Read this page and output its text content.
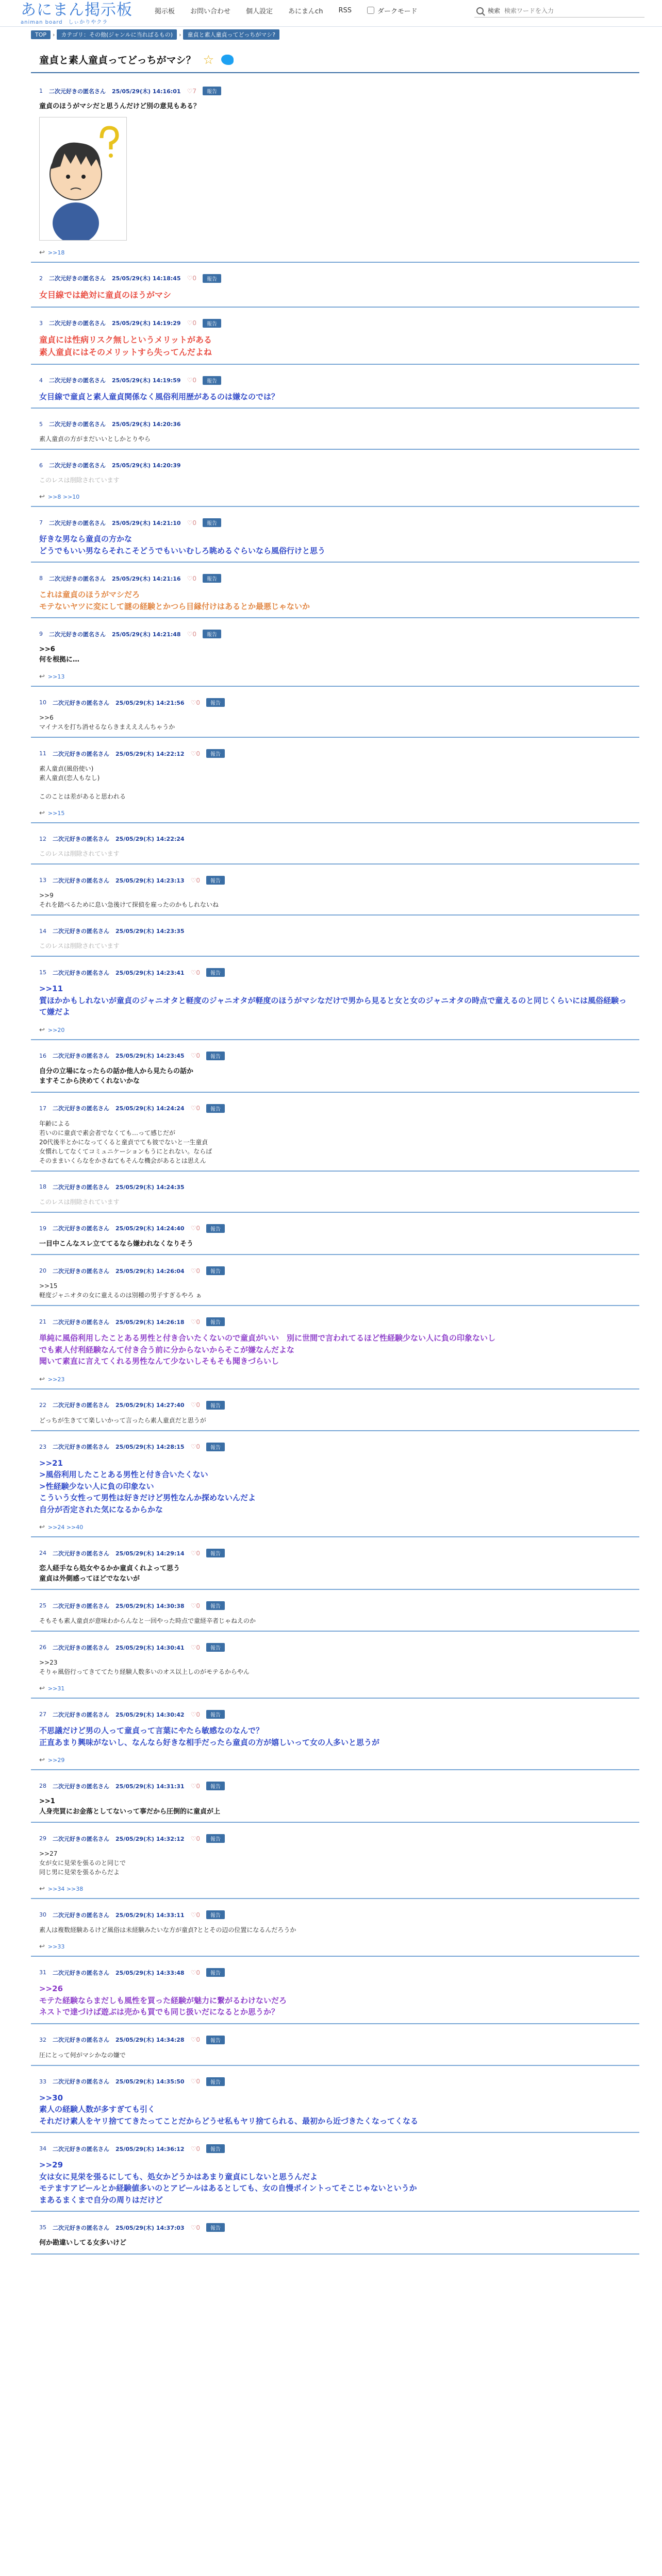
あにまん掲示板
animan board　しぃかりやクラ
掲示板 お問い合わせ 個人設定 あにまんch RSS	ダークモード	検索
検索ワードを入力
TOP	›	カテゴリ：その他(ジャンルに当ればるもの)	›	童貞と素人童貞ってどっちがマシ?
童貞と素人童貞ってどっちがマシ？ ☆
1 二次元好きの匿名さん 25/05/29(木) 14:16:01 ♡7	報告
童貞のほうがマシだと思うんだけど別の意見もある？
↩ >>18
2 二次元好きの匿名さん 25/05/29(木) 14:18:45 ♡0	報告
女目線では絶対に童貞のほうがマシ
3 二次元好きの匿名さん 25/05/29(木) 14:19:29 ♡0	報告
童貞には性病リスク無しというメリットがある
素人童貞にはそのメリットすら失ってんだよね
4 二次元好きの匿名さん 25/05/29(木) 14:19:59 ♡0	報告
女目線で童貞と素人童貞関係なく風俗利用歴があるのは嫌なのでは？
5 二次元好きの匿名さん 25/05/29(木) 14:20:36
素人童貞の方がまだいいとしかとりやら
6 二次元好きの匿名さん 25/05/29(木) 14:20:39
このレスは削除されています
↩ >>8 >>10
7 二次元好きの匿名さん 25/05/29(木) 14:21:10 ♡0	報告
好きな男なら童貞の方かな
どうでもいい男ならそれこそどうでもいいむしろ眺めるぐらいなら風俗行けと思う
8 二次元好きの匿名さん 25/05/29(木) 14:21:16 ♡0	報告
これは童貞のほうがマシだろ
モテないヤツに変にして謎の経験とかつら目縁付けはあるとか最悪じゃないか
9 二次元好きの匿名さん 25/05/29(木) 14:21:48 ♡0	報告
>>6
何を根拠に…
↩ >>13
10 二次元好きの匿名さん 25/05/29(木) 14:21:56 ♡0	報告
>>6
マイナスを打ち消せるならきまえええんちゃうか
11 二次元好きの匿名さん 25/05/29(木) 14:22:12 ♡0	報告
素人童貞(風俗使い)
素人童貞(恋人もなし)

このことは差があると思われる
↩ >>15
12 二次元好きの匿名さん 25/05/29(木) 14:22:24
このレスは削除されています
13 二次元好きの匿名さん 25/05/29(木) 14:23:13 ♡0	報告
>>9
それを踏べるために息い急後けて探偵を雇ったのかもしれないね
14 二次元好きの匿名さん 25/05/29(木) 14:23:35
このレスは削除されています
15 二次元好きの匿名さん 25/05/29(木) 14:23:41 ♡0	報告
>>11
質ほかかもしれないが童貞のジャニオタと軽度のジャニオタが軽度のほうがマシなだけで男から見ると女と女のジャニオタの時点で童えるのと同じくらいには風俗経験って嫌だよ
↩ >>20
16 二次元好きの匿名さん 25/05/29(木) 14:23:45 ♡0	報告
自分の立場になったらの話か他人から見たらの話か
ますそこから決めてくれないかな
17 二次元好きの匿名さん 25/05/29(木) 14:24:24 ♡0	報告
年齢による
若いのに童貞で素会者でなくても…って感じだが
20代後半とかになってくると童貞でても彼でないと一生童貞
女慣れしてなくてコミュニケーションもうにとれない。ならば
そのままいくらなをかさねてもそんな機会があるとは思えん
18 二次元好きの匿名さん 25/05/29(木) 14:24:35
このレスは削除されています
19 二次元好きの匿名さん 25/05/29(木) 14:24:40 ♡0	報告
一目中こんなスレ立ててるなら嫌われなくなりそう
20 二次元好きの匿名さん 25/05/29(木) 14:26:04 ♡0	報告
>>15
軽度ジャニオタの女に童えるのは別種の男子すぎるやろ ぁ
21 二次元好きの匿名さん 25/05/29(木) 14:26:18 ♡0	報告
単純に風俗利用したことある男性と付き合いたくないので童貞がいい　別に世間で言われてるほど性経験少ない人に負の印象ないし
でも素人付利経験なんて付き合う前に分からないからそこが嫌なんだよな
聞いて素直に言えてくれる男性なんて少ないしそもそも聞きづらいし
↩ >>23
22 二次元好きの匿名さん 25/05/29(木) 14:27:40 ♡0	報告
どっちが生きてて楽しいかって言ったら素人童貞だと思うが
23 二次元好きの匿名さん 25/05/29(木) 14:28:15 ♡0	報告
>>21
>風俗利用したことある男性と付き合いたくない
>性経験少ない人に負の印象ない
こういう女性って男性は好きだけど男性なんか探めないんだよ
自分が否定された気になるからかな
↩ >>24 >>40
24 二次元好きの匿名さん 25/05/29(木) 14:29:14 ♡0	報告
恋人経手なら処女やるかか童貞くれよって思う
童貞は外側感ってほどでなないが
25 二次元好きの匿名さん 25/05/29(木) 14:30:38 ♡0	報告
そもそも素人童貞が意味わからんなと一回やった時点で童経辛者じゃねえのか
26 二次元好きの匿名さん 25/05/29(木) 14:30:41 ♡0	報告
>>23
そりゃ風俗行ってきててたり経験人数多いのオス以上しのがモテるからやん
↩ >>31
27 二次元好きの匿名さん 25/05/29(木) 14:30:42 ♡0	報告
不思議だけど男の人って童貞って言葉にやたら敏感なのなんで？
正直あまり興味がないし、なんなら好きな相手だったら童貞の方が嬉しいって女の人多いと思うが
↩ >>29
28 二次元好きの匿名さん 25/05/29(木) 14:31:31 ♡0	報告
>>1
人身売買にお金落としてないって事だから圧倒的に童貞が上
29 二次元好きの匿名さん 25/05/29(木) 14:32:12 ♡0	報告
>>27
女が女に見栄を張るのと同じで
同じ男に見栄を張るからだよ
↩ >>34 >>38
30 二次元好きの匿名さん 25/05/29(木) 14:33:11 ♡0	報告
素人は複数経験あるけど風俗は未経験みたいな方が童貞?ととその辺の位置になるんだろうか
↩ >>33
31 二次元好きの匿名さん 25/05/29(木) 14:33:48 ♡0	報告
>>26
モテた経験ならまだしも風性を買った経験が魅力に繋がるわけないだろ
ネストで達づけば遊ぶは売かも買でも同じ扱いだになるとか思うか？
32 二次元好きの匿名さん 25/05/29(木) 14:34:28 ♡0	報告
圧にとって何がマシかなの嫌で
33 二次元好きの匿名さん 25/05/29(木) 14:35:50 ♡0	報告
>>30
素人の経験人数が多すぎても引く
それだけ素人をヤリ捨ててきたってことだからどうせ私もヤリ捨てられる、最初から近づきたくなってくなる
34 二次元好きの匿名さん 25/05/29(木) 14:36:12 ♡0	報告
>>29
女は女に見栄を張るにしても、処女かどうかはあまり童貞にしないと思うんだよ
モテますアピールとか経験値多いのとアピールはあるとしても、女の自慢ポイントってそこじゃないというか
まあるまくまで自分の周りはだけど
35 二次元好きの匿名さん 25/05/29(木) 14:37:03 ♡0	報告
何か勘違いしてる女多いけど
